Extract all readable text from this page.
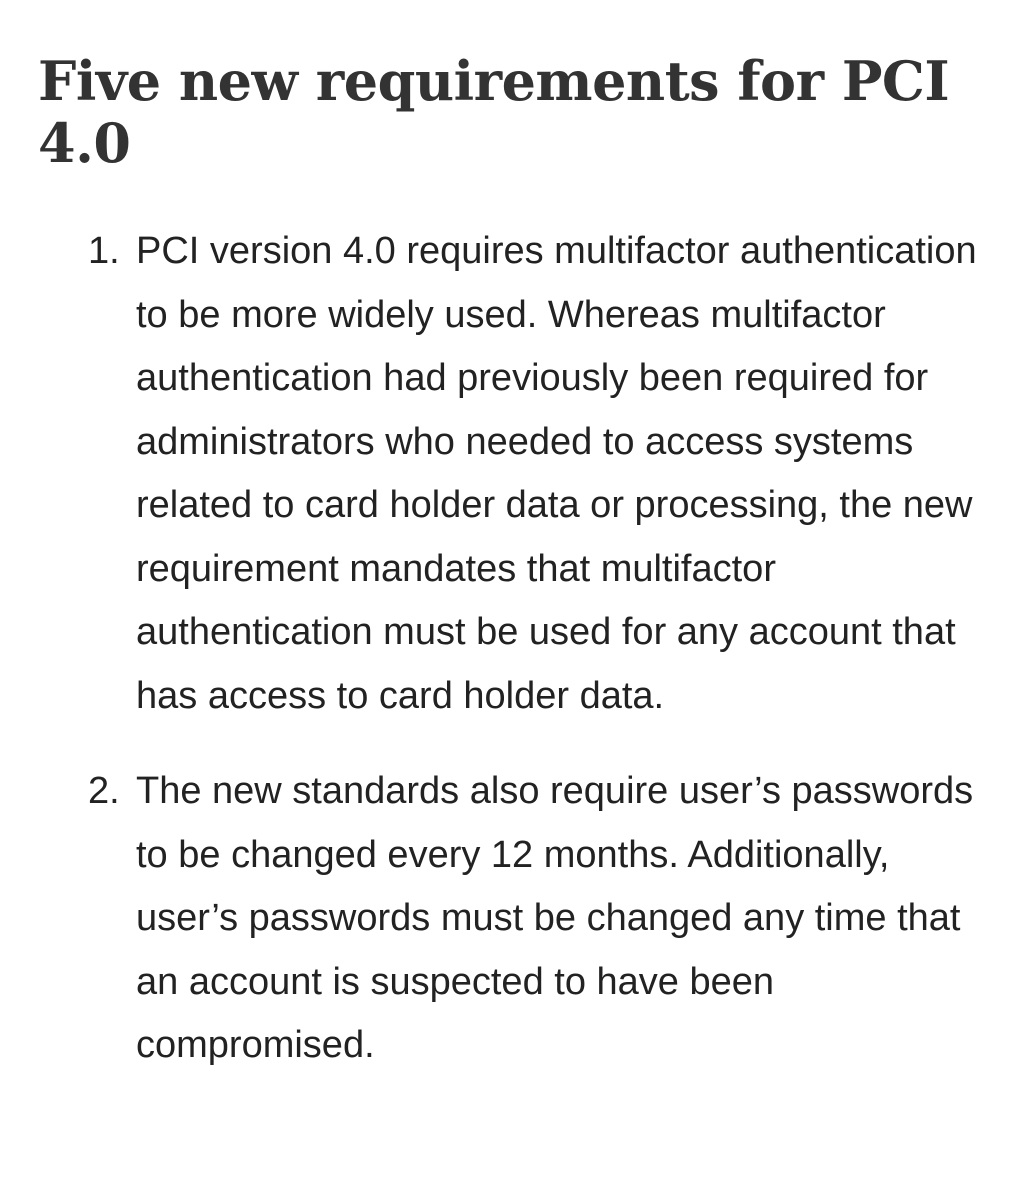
Five new requirements for PCI 4.0
1. PCI version 4.0 requires multifactor authentication to be more widely used. Whereas multifactor authentication had previously been required for administrators who needed to access systems related to card holder data or processing, the new requirement mandates that multifactor authentication must be used for any account that has access to card holder data.

2. The new standards also require user’s passwords to be changed every 12 months. Additionally, user’s passwords must be changed any time that an account is suspected to have been compromised.
